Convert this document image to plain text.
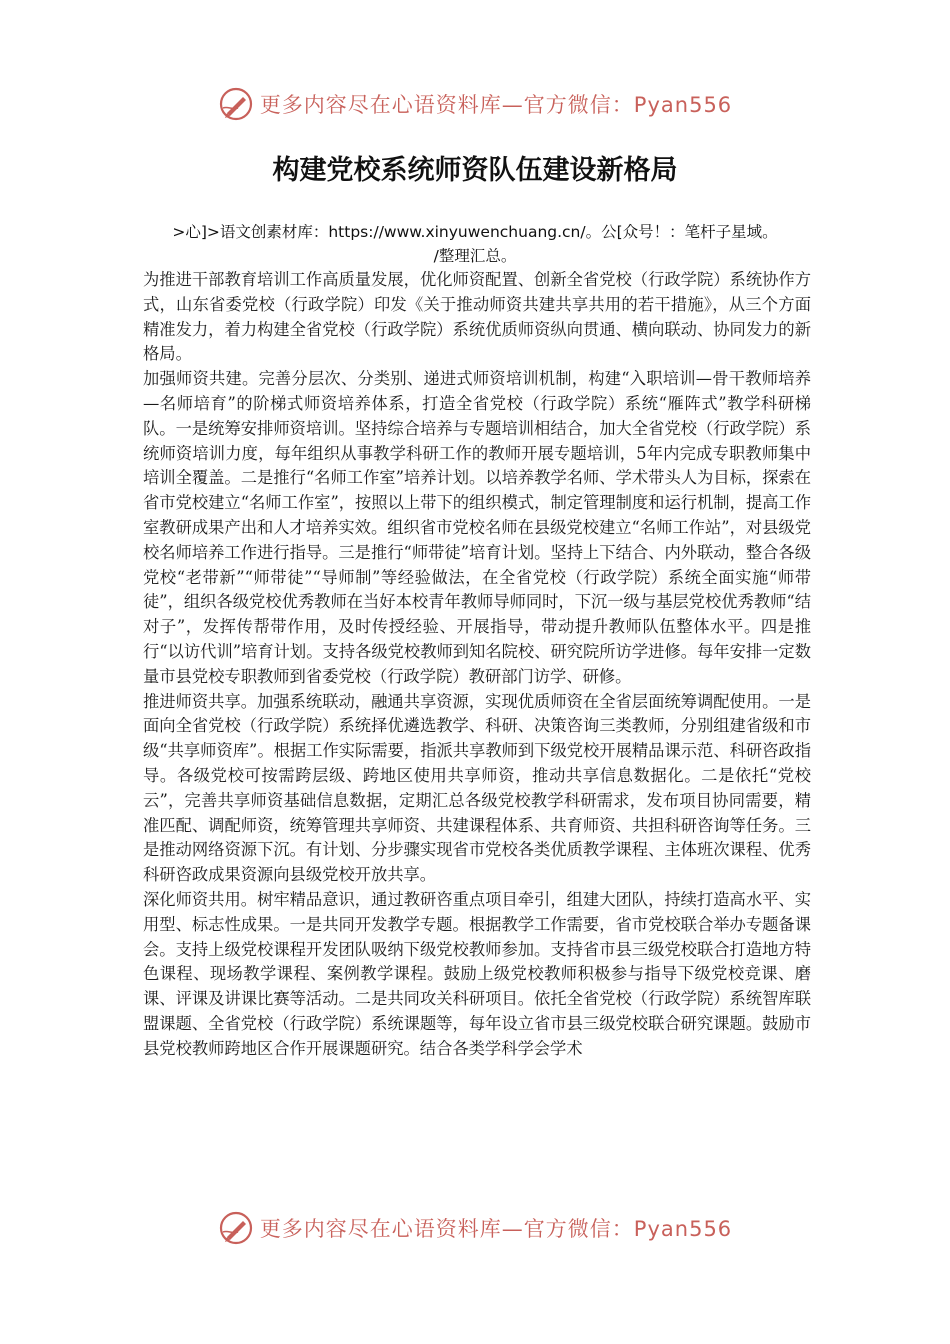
更多内容尽在心语资料库—官方微信：Pyan556
构建党校系统师资队伍建设新格局
>心]>语文创素材库：https://www.xinyuwenchuang.cn/。公[众号！：笔杆子星域。
/整理汇总。

为推进干部教育培训工作高质量发展，优化师资配置、创新全省党校（行政学院）系统协作方式，山东省委党校（行政学院）印发《关于推动师资共建共享共用的若干措施》，从三个方面精准发力，着力构建全省党校（行政学院）系统优质师资纵向贯通、横向联动、协同发力的新格局。

加强师资共建。完善分层次、分类别、递进式师资培训机制，构建“入职培训—骨干教师培养—名师培育”的阶梯式师资培养体系，打造全省党校（行政学院）系统“雁阵式”教学科研梯队。一是统筹安排师资培训。坚持综合培养与专题培训相结合，加大全省党校（行政学院）系统师资培训力度，每年组织从事教学科研工作的教师开展专题培训，5年内完成专职教师集中培训全覆盖。二是推行“名师工作室”培养计划。以培养教学名师、学术带头人为目标，探索在省市党校建立“名师工作室”，按照以上带下的组织模式，制定管理制度和运行机制，提高工作室教研成果产出和人才培养实效。组织省市党校名师在县级党校建立“名师工作站”，对县级党校名师培养工作进行指导。三是推行“师带徒”培育计划。坚持上下结合、内外联动，整合各级党校“老带新”“师带徒”“导师制”等经验做法，在全省党校（行政学院）系统全面实施“师带徒”，组织各级党校优秀教师在当好本校青年教师导师同时，下沉一级与基层党校优秀教师“结对子”，发挥传帮带作用，及时传授经验、开展指导，带动提升教师队伍整体水平。四是推行“以访代训”培育计划。支持各级党校教师到知名院校、研究院所访学进修。每年安排一定数量市县党校专职教师到省委党校（行政学院）教研部门访学、研修。

推进师资共享。加强系统联动，融通共享资源，实现优质师资在全省层面统筹调配使用。一是面向全省党校（行政学院）系统择优遴选教学、科研、决策咨询三类教师，分别组建省级和市级“共享师资库”。根据工作实际需要，指派共享教师到下级党校开展精品课示范、科研咨政指导。各级党校可按需跨层级、跨地区使用共享师资，推动共享信息数据化。二是依托“党校云”，完善共享师资基础信息数据，定期汇总各级党校教学科研需求，发布项目协同需要，精准匹配、调配师资，统筹管理共享师资、共建课程体系、共育师资、共担科研咨询等任务。三是推动网络资源下沉。有计划、分步骤实现省市党校各类优质教学课程、主体班次课程、优秀科研咨政成果资源向县级党校开放共享。

深化师资共用。树牢精品意识，通过教研咨重点项目牵引，组建大团队，持续打造高水平、实用型、标志性成果。一是共同开发教学专题。根据教学工作需要，省市党校联合举办专题备课会。支持上级党校课程开发团队吸纳下级党校教师参加。支持省市县三级党校联合打造地方特色课程、现场教学课程、案例教学课程。鼓励上级党校教师积极参与指导下级党校竞课、磨课、评课及讲课比赛等活动。二是共同攻关科研项目。依托全省党校（行政学院）系统智库联盟课题、全省党校（行政学院）系统课题等，每年设立省市县三级党校联合研究课题。鼓励市县党校教师跨地区合作开展课题研究。结合各类学科学会学术

更多内容尽在心语资料库—官方微信：Pyan556
